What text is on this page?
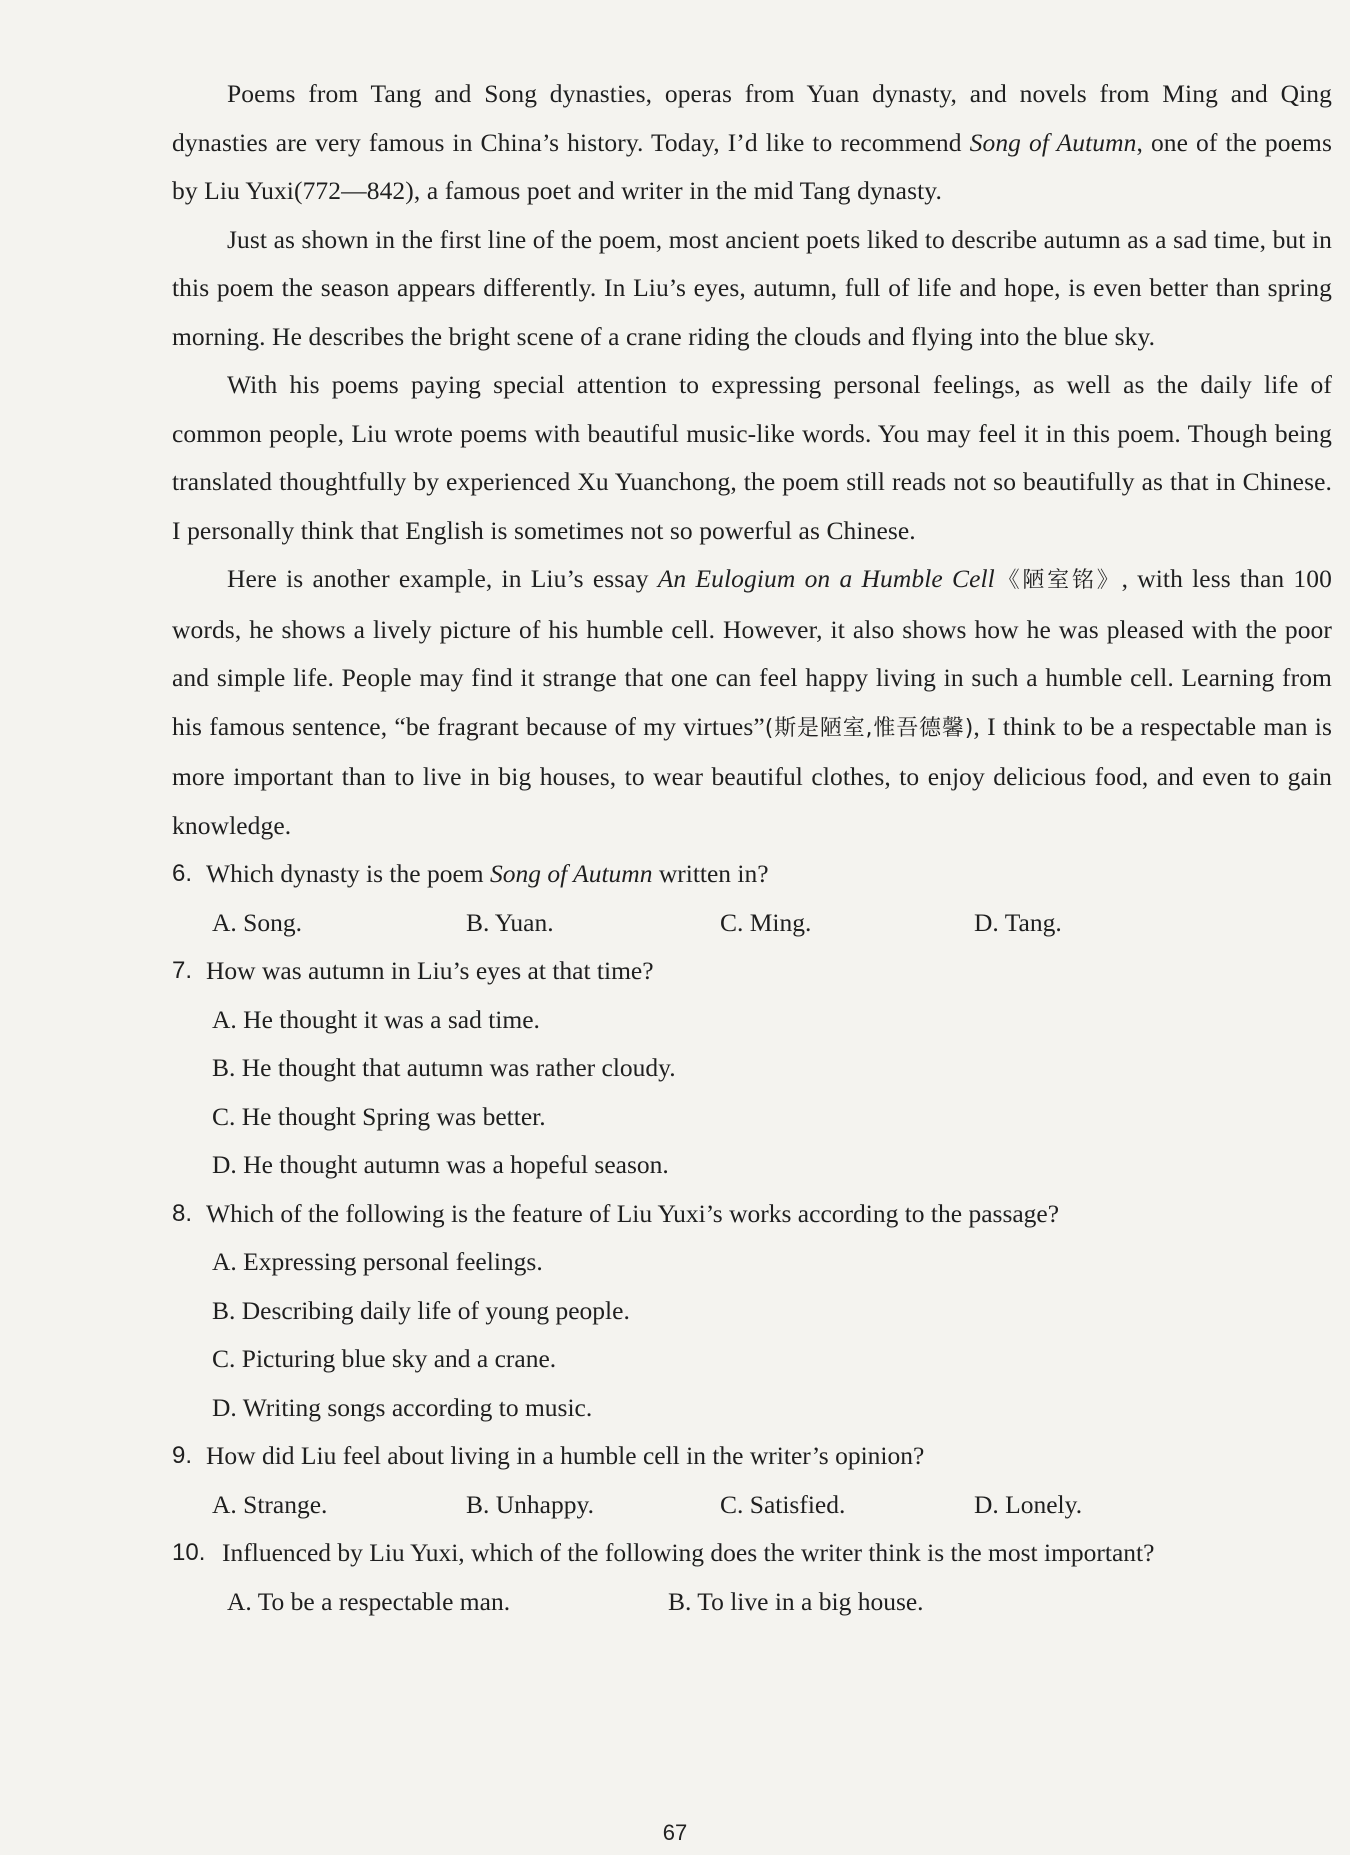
Poems from Tang and Song dynasties, operas from Yuan dynasty, and novels from Ming and Qing dynasties are very famous in China’s history. Today, I’d like to recommend Song of Autumn, one of the poems by Liu Yuxi(772—842), a famous poet and writer in the mid Tang dynasty.

Just as shown in the first line of the poem, most ancient poets liked to describe autumn as a sad time, but in this poem the season appears differently. In Liu’s eyes, autumn, full of life and hope, is even better than spring morning. He describes the bright scene of a crane riding the clouds and flying into the blue sky.

With his poems paying special attention to expressing personal feelings, as well as the daily life of common people, Liu wrote poems with beautiful music-like words. You may feel it in this poem. Though being translated thoughtfully by experienced Xu Yuanchong, the poem still reads not so beautifully as that in Chinese. I personally think that English is sometimes not so powerful as Chinese.

Here is another example, in Liu’s essay An Eulogium on a Humble Cell《陋室铭》, with less than 100 words, he shows a lively picture of his humble cell. However, it also shows how he was pleased with the poor and simple life. People may find it strange that one can feel happy living in such a humble cell. Learning from his famous sentence, “be fragrant because of my virtues”(斯是陋室,惟吾德馨), I think to be a respectable man is more important than to live in big houses, to wear beautiful clothes, to enjoy delicious food, and even to gain knowledge.

6. Which dynasty is the poem Song of Autumn written in?
A. Song.	B. Yuan.	C. Ming.	D. Tang.
7. How was autumn in Liu’s eyes at that time?
A. He thought it was a sad time.
B. He thought that autumn was rather cloudy.
C. He thought Spring was better.
D. He thought autumn was a hopeful season.
8. Which of the following is the feature of Liu Yuxi’s works according to the passage?
A. Expressing personal feelings.
B. Describing daily life of young people.
C. Picturing blue sky and a crane.
D. Writing songs according to music.
9. How did Liu feel about living in a humble cell in the writer’s opinion?
A. Strange.	B. Unhappy.	C. Satisfied.	D. Lonely.
10. Influenced by Liu Yuxi, which of the following does the writer think is the most important?
A. To be a respectable man.	B. To live in a big house.
67
